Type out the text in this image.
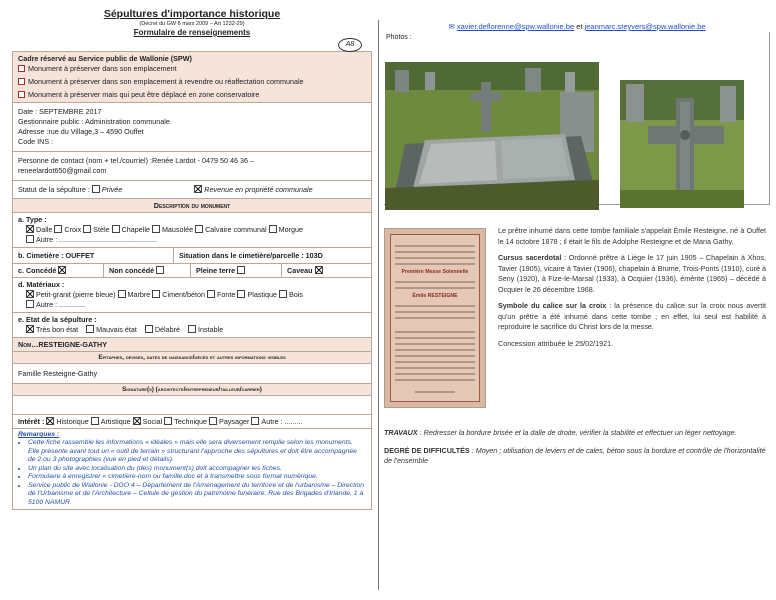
Sépultures d'importance historique
(Décret du GW 6 mars 2009 – Art 1232-29)
Formulaire de renseignements
A8
Cadre réservé au Service public de Wallonie (SPW)
Monument à préserver dans son emplacement
Monument à préserver dans son emplacement à revendre ou réaffectation communale
Monument à préserver mais qui peut être déplacé en zone conservatoire
Date : SEPTEMBRE 2017
Gestionnaire public : Administration communale
Adresse :rue du Village,3 – 4590 Ouffet
Code INS :
Personne de contact (nom + tel./courriel) :Renée Lardot - 0479 50 46 36 –
reneelardot650@gmail.com
Statut de la sépulture : Privée	Revenue en propriété communale
Description du monument
a. Type :
Dalle Croix Stèle Chapelle Mausolée Calvaire communal Morgue
Autre : .................................................
b. Cimetière : OUFFET	Situation dans le cimetière/parcelle : 103D
c. Concédé	Non concédé	Pleine terre	Caveau
d. Matériaux :
Petit-granit (pierre bleue) Marbre Ciment/béton Fonte Plastique Bois
Autre : .............
e. Etat de la sépulture :
Très bon état	Mauvais état	Délabré	Instable
Nom…RESTEIGNE-GATHY
Epitaphes, devises, dates de naissance/décès et autres informations visibles
Famille Resteigne-Gathy
Signature(s) (architecte/entrepreneur/tailleur/carrier)
Intérêt : Historique Artistique Social Technique Paysager Autre : .........
Remarques :
• Cette fiche rassemble les informations « idéales » mais elle sera diversement remplie selon les monuments. Elle présente avant tout un « outil de terrain » structurant l'approche des sépultures et doit être accompagnée de 2 ou 3 photographies (vue en pied et détails).
• Un plan du site avec localisation du (des) monument(s) doit accompagner les fiches.
• Formulaire à enregistrer « cimetière-nom ou famille.doc et à transmettre sous format numérique.
• Service public de Wallonie - DGO 4 – Département de l'Aménagement du territoire et de l'urbanisme – Direction de l'Urbanisme et de l'Architecture – Cellule de gestion du patrimoine funéraire. Rue des Brigades d'Irlande, 1 à 5100 NAMUR
✉ xavier.deflorenne@spw.wallonie.be et jeanmarc.steyvers@spw.wallonie.be
Photos :
Première Messe Solennelle
Émile RESTEIGNE

Le prêtre inhumé dans cette tombe familiale s'appelait Émile Resteigne, né à Ouffet le 14 octobre 1878 ; il était le fils de Adolphe Resteigne et de Maria Gathy.

Cursus sacerdotal : Ordonné prêtre à Liège le 17 juin 1905 – Chapelain à Xhos, Tavier (1905), vicaire à Tavier (1906), chapelain à Brume, Trois-Ponts (1910), curé à Seny (1920), à Fize-le-Marsal (1933), à Ocquier (1936), émérite (1965) – décédé à Ocquier le 26 décembre 1968.

Symbole du calice sur la croix : la présence du calice sur la croix nous avertit qu'un prêtre a été inhumé dans cette tombe ; en effet, lui seul est habilité à reproduire le sacrifice du Christ lors de la messe.

Concession attribuée le 25/02/1921.

TRAVAUX : Redresser la bordure brisée et la dalle de droite, vérifier la stabilité et effectuer un léger nettoyage.

DEGRÉ DE DIFFICULTÉS : Moyen ; utilisation de leviers et de cales, béton sous la bordure et contrôle de l'horizontalité de l'ensemble
